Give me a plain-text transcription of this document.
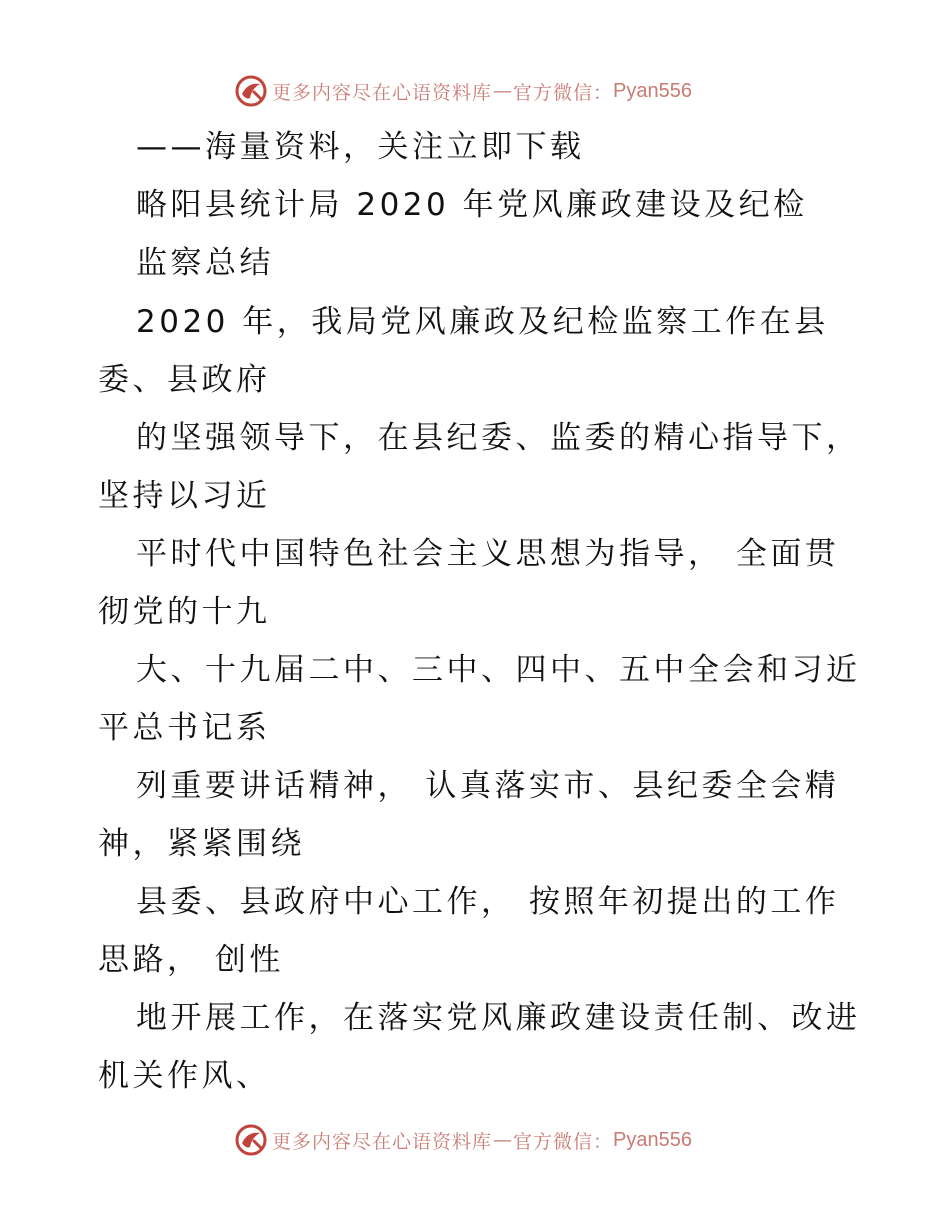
更多内容尽在心语资料库 — 官方微信： Pyan556
——海量资料，关注立即下载
略阳县统计局 2020 年党风廉政建设及纪检
监察总结
2020 年，我局党风廉政及纪检监察工作在县
委、县政府
的坚强领导下，在县纪委、监委的精心指导下，
坚持以习近
平时代中国特色社会主义思想为指导， 全面贯
彻党的十九
大、十九届二中、三中、四中、五中全会和习近
平总书记系
列重要讲话精神， 认真落实市、县纪委全会精
神，紧紧围绕
县委、县政府中心工作， 按照年初提出的工作
思路， 创性
地开展工作，在落实党风廉政建设责任制、改进
机关作风、
更多内容尽在心语资料库 — 官方微信： Pyan556
